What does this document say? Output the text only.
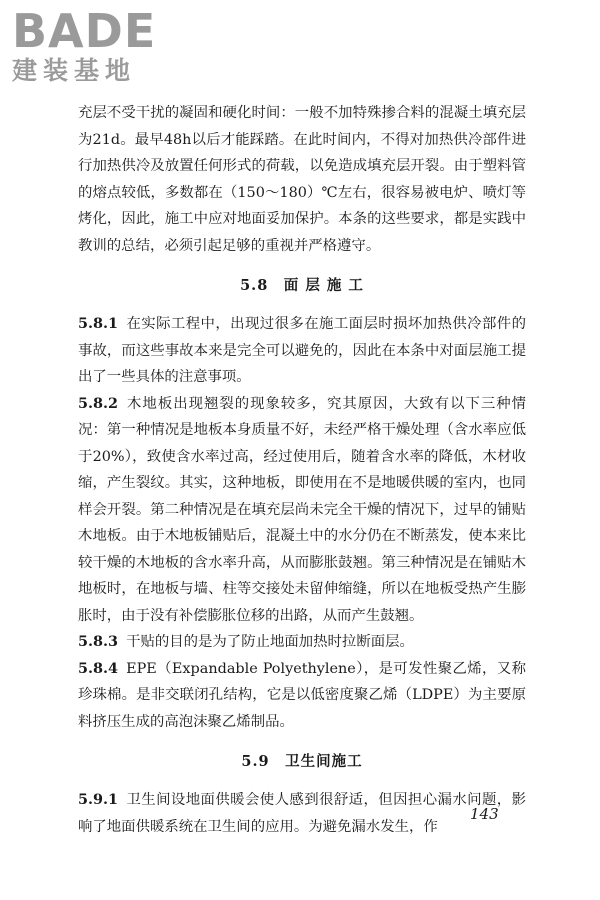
BADE
建装基地

充层不受干扰的凝固和硬化时间：一般不加特殊掺合料的混凝土填充层为21d。最早48h以后才能踩踏。在此时间内，不得对加热供冷部件进行加热供冷及放置任何形式的荷载，以免造成填充层开裂。由于塑料管的熔点较低，多数都在（150～180）℃左右，很容易被电炉、喷灯等烤化，因此，施工中应对地面妥加保护。本条的这些要求，都是实践中教训的总结，必须引起足够的重视并严格遵守。

5.8　面 层 施 工

5.8.1 在实际工程中，出现过很多在施工面层时损坏加热供冷部件的事故，而这些事故本来是完全可以避免的，因此在本条中对面层施工提出了一些具体的注意事项。

5.8.2 木地板出现翘裂的现象较多，究其原因，大致有以下三种情况：第一种情况是地板本身质量不好，未经严格干燥处理（含水率应低于20%），致使含水率过高，经过使用后，随着含水率的降低，木材收缩，产生裂纹。其实，这种地板，即使用在不是地暖供暖的室内，也同样会开裂。第二种情况是在填充层尚未完全干燥的情况下，过早的铺贴木地板。由于木地板铺贴后，混凝土中的水分仍在不断蒸发，使本来比较干燥的木地板的含水率升高，从而膨胀鼓翘。第三种情况是在铺贴木地板时，在地板与墙、柱等交接处未留伸缩缝，所以在地板受热产生膨胀时，由于没有补偿膨胀位移的出路，从而产生鼓翘。

5.8.3 干贴的目的是为了防止地面加热时拉断面层。

5.8.4 EPE（Expandable Polyethylene），是可发性聚乙烯，又称珍珠棉。是非交联闭孔结构，它是以低密度聚乙烯（LDPE）为主要原料挤压生成的高泡沫聚乙烯制品。

5.9　卫生间施工

5.9.1 卫生间设地面供暖会使人感到很舒适，但因担心漏水问题，影响了地面供暖系统在卫生间的应用。为避免漏水发生，作

143
